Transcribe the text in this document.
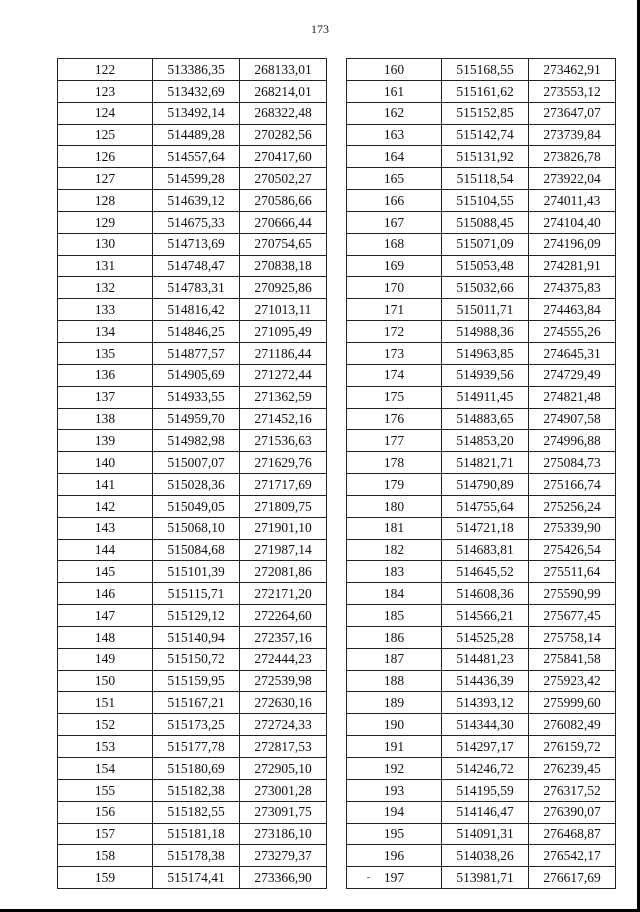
173
122	513386,35	268133,01
123	513432,69	268214,01
124	513492,14	268322,48
125	514489,28	270282,56
126	514557,64	270417,60
127	514599,28	270502,27
128	514639,12	270586,66
129	514675,33	270666,44
130	514713,69	270754,65
131	514748,47	270838,18
132	514783,31	270925,86
133	514816,42	271013,11
134	514846,25	271095,49
135	514877,57	271186,44
136	514905,69	271272,44
137	514933,55	271362,59
138	514959,70	271452,16
139	514982,98	271536,63
140	515007,07	271629,76
141	515028,36	271717,69
142	515049,05	271809,75
143	515068,10	271901,10
144	515084,68	271987,14
145	515101,39	272081,86
146	515115,71	272171,20
147	515129,12	272264,60
148	515140,94	272357,16
149	515150,72	272444,23
150	515159,95	272539,98
151	515167,21	272630,16
152	515173,25	272724,33
153	515177,78	272817,53
154	515180,69	272905,10
155	515182,38	273001,28
156	515182,55	273091,75
157	515181,18	273186,10
158	515178,38	273279,37
159	515174,41	273366,90
160	515168,55	273462,91
161	515161,62	273553,12
162	515152,85	273647,07
163	515142,74	273739,84
164	515131,92	273826,78
165	515118,54	273922,04
166	515104,55	274011,43
167	515088,45	274104,40
168	515071,09	274196,09
169	515053,48	274281,91
170	515032,66	274375,83
171	515011,71	274463,84
172	514988,36	274555,26
173	514963,85	274645,31
174	514939,56	274729,49
175	514911,45	274821,48
176	514883,65	274907,58
177	514853,20	274996,88
178	514821,71	275084,73
179	514790,89	275166,74
180	514755,64	275256,24
181	514721,18	275339,90
182	514683,81	275426,54
183	514645,52	275511,64
184	514608,36	275590,99
185	514566,21	275677,45
186	514525,28	275758,14
187	514481,23	275841,58
188	514436,39	275923,42
189	514393,12	275999,60
190	514344,30	276082,49
191	514297,17	276159,72
192	514246,72	276239,45
193	514195,59	276317,52
194	514146,47	276390,07
195	514091,31	276468,87
196	514038,26	276542,17
197	513981,71	276617,69
